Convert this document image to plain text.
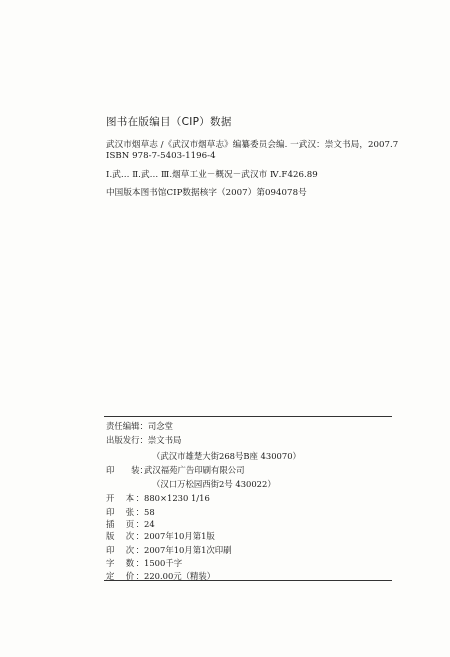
图书在版编目（CIP）数据
武汉市烟草志 /《武汉市烟草志》编纂委员会编. 一武汉：崇文书局，2007.7
ISBN 978-7-5403-1196-4
Ⅰ.武… Ⅱ.武… Ⅲ.烟草工业－概况－武汉市 Ⅳ.F426.89
中国版本图书馆CIP数据核字（2007）第094078号
责任编辑：司念堂
出版发行：崇文书局
（武汉市雄楚大街268号B座 430070）
印   装：武汉福苑广告印刷有限公司
（汉口万松园西街2号 430022）
开  本：880×1230 1/16
印  张：58
插  页：24
版  次：2007年10月第1版
印  次：2007年10月第1次印刷
字  数：1500千字
定  价：220.00元（精装）
